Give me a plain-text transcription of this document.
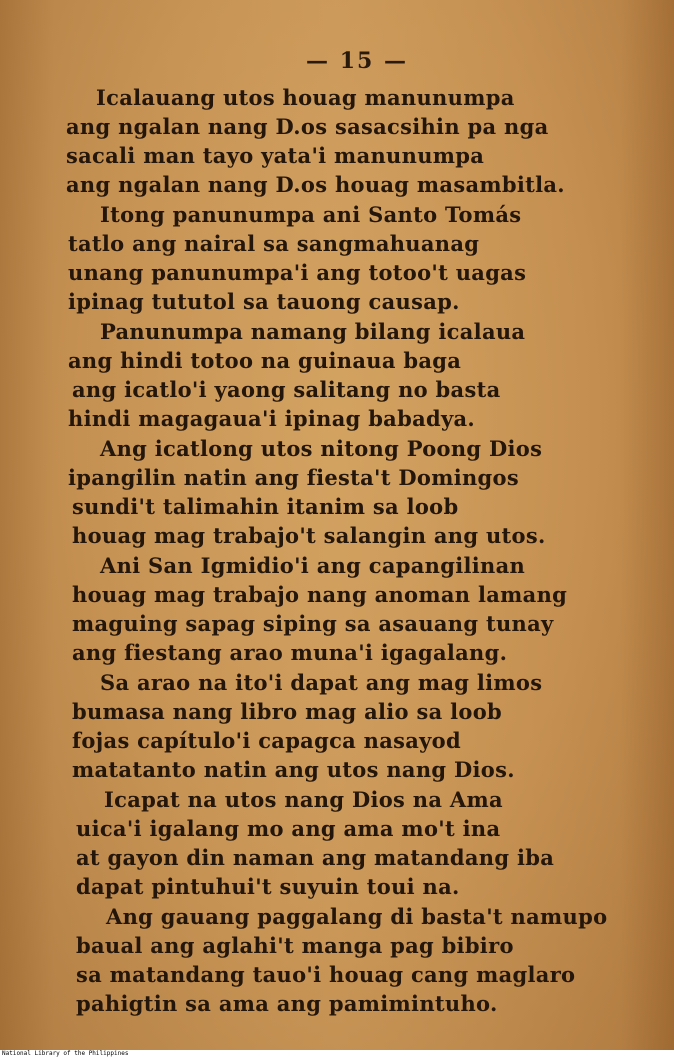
— 15 —
Icalauang utos houag manunumpa
ang ngalan nang D.os sasacsihin pa nga
sacali man tayo yata'i manunumpa
ang ngalan nang D.os houag masambitla.
Itong panunumpa ani Santo Tomás
tatlo ang nairal sa sangmahuanag
unang panunumpa'i ang totoo't uagas
ipinag tututol sa tauong causap.
Panunumpa namang bilang icalaua
ang hindi totoo na guinaua baga
ang icatlo'i yaong salitang no basta
hindi magagaua'i ipinag babadya.
Ang icatlong utos nitong Poong Dios
ipangilin natin ang fiesta't Domingos
sundi't talimahin itanim sa loob
houag mag trabajo't salangin ang utos.
Ani San Igmidio'i ang capangilinan
houag mag trabajo nang anoman lamang
maguing sapag siping sa asauang tunay
ang fiestang arao muna'i igagalang.
Sa arao na ito'i dapat ang mag limos
bumasa nang libro mag alio sa loob
fojas capítulo'i capagca nasayod
matatanto natin ang utos nang Dios.
Icapat na utos nang Dios na Ama
uica'i igalang mo ang ama mo't ina
at gayon din naman ang matandang iba
dapat pintuhui't suyuin toui na.
Ang gauang paggalang di basta't namupo
baual ang aglahi't manga pag bibiro
sa matandang tauo'i houag cang maglaro
pahigtin sa ama ang pamimintuho.
National Library of the Philippines
